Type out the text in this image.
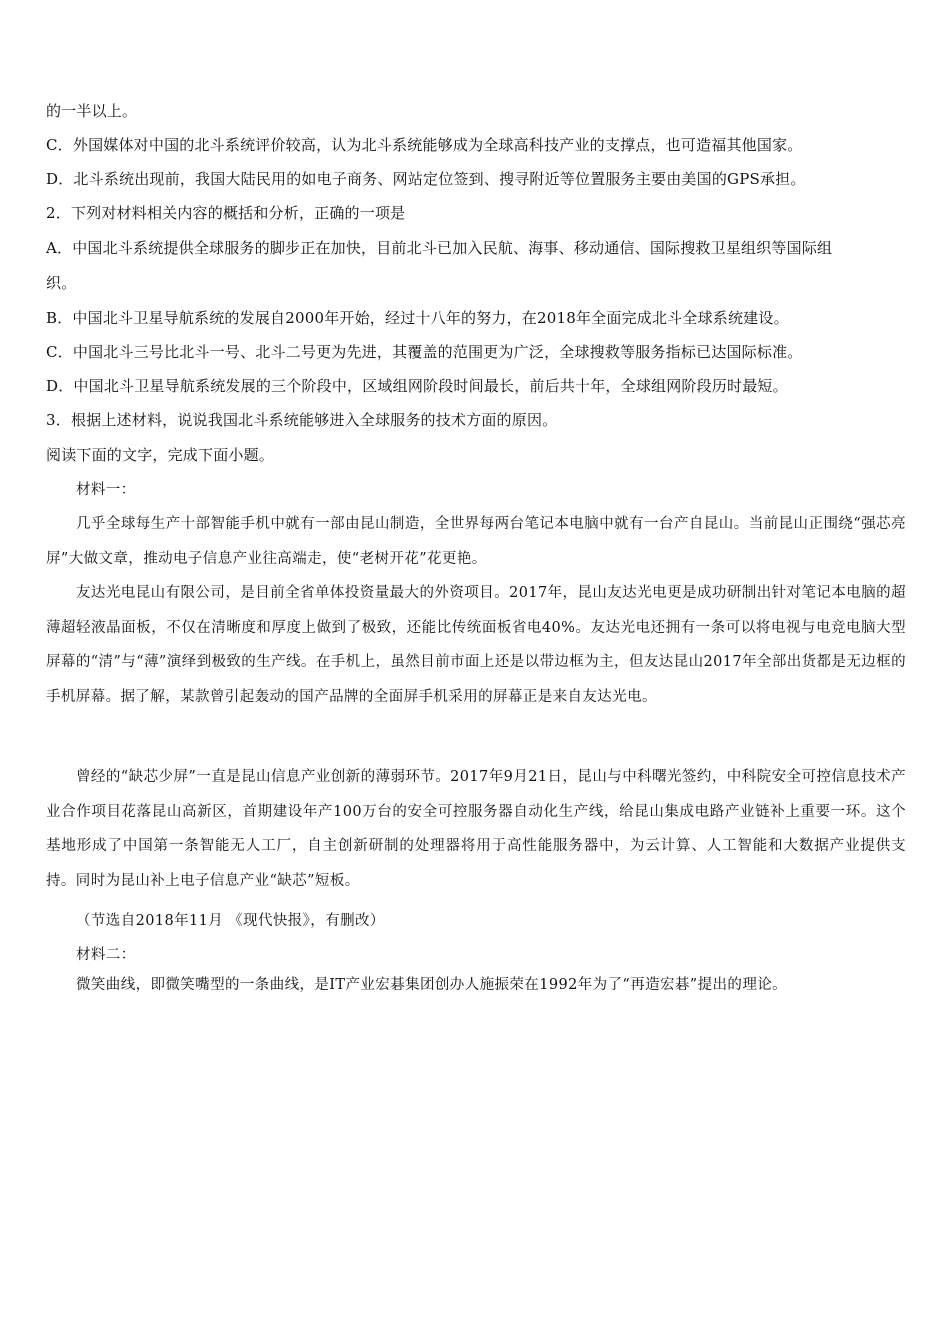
的一半以上。
C．外国媒体对中国的北斗系统评价较高，认为北斗系统能够成为全球高科技产业的支撑点，也可造福其他国家。
D．北斗系统出现前，我国大陆民用的如电子商务、网站定位签到、搜寻附近等位置服务主要由美国的GPS承担。
2．下列对材料相关内容的概括和分析，正确的一项是
A．中国北斗系统提供全球服务的脚步正在加快，目前北斗已加入民航、海事、移动通信、国际搜救卫星组织等国际组
织。
B．中国北斗卫星导航系统的发展自2000年开始，经过十八年的努力，在2018年全面完成北斗全球系统建设。
C．中国北斗三号比北斗一号、北斗二号更为先进，其覆盖的范围更为广泛，全球搜救等服务指标已达国际标准。
D．中国北斗卫星导航系统发展的三个阶段中，区域组网阶段时间最长，前后共十年，全球组网阶段历时最短。
3．根据上述材料，说说我国北斗系统能够进入全球服务的技术方面的原因。
阅读下面的文字，完成下面小题。
材料一：
几乎全球每生产十部智能手机中就有一部由昆山制造，全世界每两台笔记本电脑中就有一台产自昆山。当前昆山正围绕“强芯亮屏”大做文章，推动电子信息产业往高端走，使“老树开花”花更艳。
友达光电昆山有限公司，是目前全省单体投资量最大的外资项目。2017年，昆山友达光电更是成功研制出针对笔记本电脑的超薄超轻液晶面板，不仅在清晰度和厚度上做到了极致，还能比传统面板省电40%。友达光电还拥有一条可以将电视与电竞电脑大型屏幕的“清”与“薄”演绎到极致的生产线。在手机上，虽然目前市面上还是以带边框为主，但友达昆山2017年全部出货都是无边框的手机屏幕。据了解，某款曾引起轰动的国产品牌的全面屏手机采用的屏幕正是来自友达光电。
曾经的“缺芯少屏”一直是昆山信息产业创新的薄弱环节。2017年9月21日，昆山与中科曙光签约，中科院安全可控信息技术产业合作项目花落昆山高新区，首期建设年产100万台的安全可控服务器自动化生产线，给昆山集成电路产业链补上重要一环。这个基地形成了中国第一条智能无人工厂，自主创新研制的处理器将用于高性能服务器中，为云计算、人工智能和大数据产业提供支持。同时为昆山补上电子信息产业“缺芯”短板。
（节选自2018年11月 《现代快报》，有删改）
材料二：
微笑曲线，即微笑嘴型的一条曲线，是IT产业宏碁集团创办人施振荣在1992年为了“再造宏碁”提出的理论。
